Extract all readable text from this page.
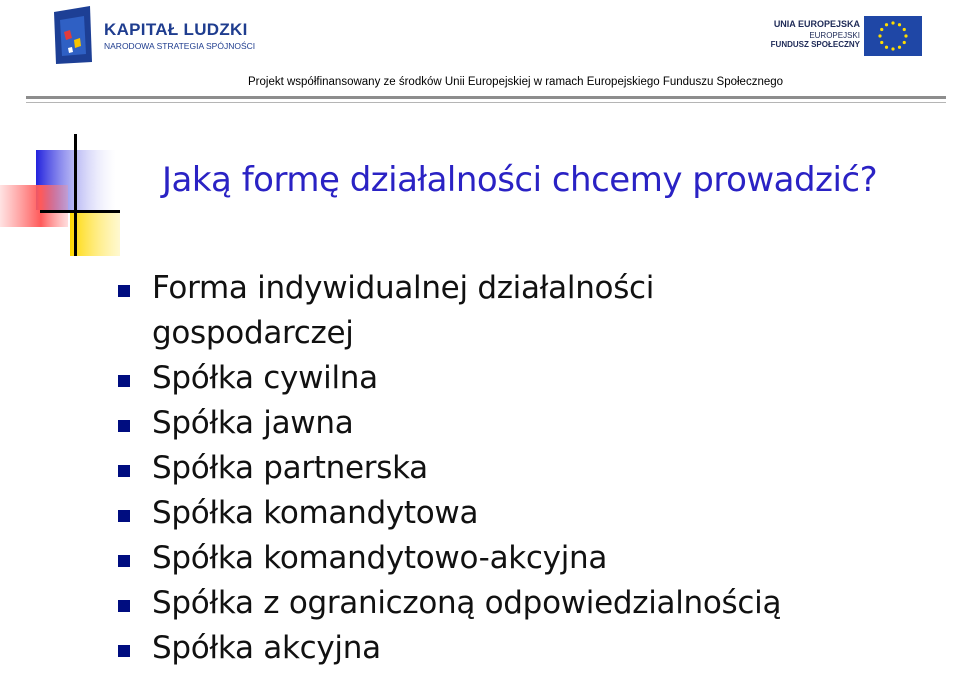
KAPITAŁ LUDZKI
NARODOWA STRATEGIA SPÓJNOŚCI
UNIA EUROPEJSKA
EUROPEJSKI
FUNDUSZ SPOŁECZNY
Projekt współfinansowany ze środków Unii Europejskiej w ramach Europejskiego Funduszu Społecznego
Jaką formę działalności chcemy prowadzić?
Forma indywidualnej działalności
gospodarczej
Spółka cywilna
Spółka jawna
Spółka partnerska
Spółka komandytowa
Spółka komandytowo-akcyjna
Spółka z ograniczoną odpowiedzialnością
Spółka akcyjna
